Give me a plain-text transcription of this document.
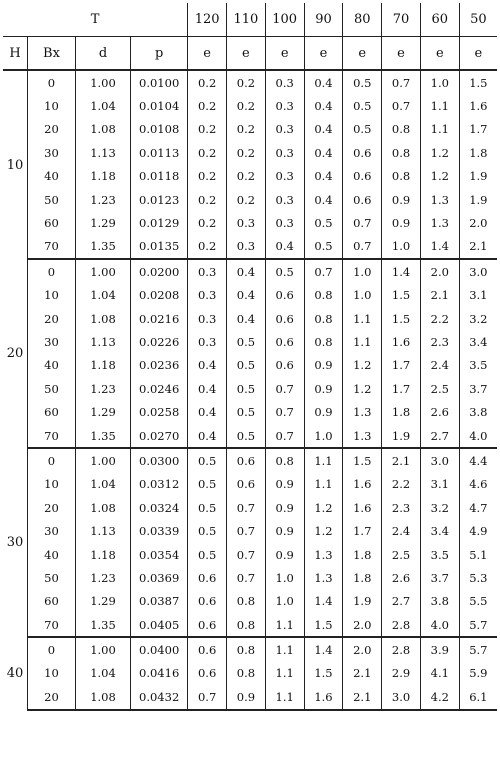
T				120	110	100	90	80	70	60	50
H	Bx	d	p	e	e	e	e	e	e	e	e
10	0	1.00	0.0100	0.2	0.2	0.3	0.4	0.5	0.7	1.0	1.5
	10	1.04	0.0104	0.2	0.2	0.3	0.4	0.5	0.7	1.1	1.6
	20	1.08	0.0108	0.2	0.2	0.3	0.4	0.5	0.8	1.1	1.7
	30	1.13	0.0113	0.2	0.2	0.3	0.4	0.6	0.8	1.2	1.8
	40	1.18	0.0118	0.2	0.2	0.3	0.4	0.6	0.8	1.2	1.9
	50	1.23	0.0123	0.2	0.2	0.3	0.4	0.6	0.9	1.3	1.9
	60	1.29	0.0129	0.2	0.3	0.3	0.5	0.7	0.9	1.3	2.0
	70	1.35	0.0135	0.2	0.3	0.4	0.5	0.7	1.0	1.4	2.1
20	0	1.00	0.0200	0.3	0.4	0.5	0.7	1.0	1.4	2.0	3.0
	10	1.04	0.0208	0.3	0.4	0.6	0.8	1.0	1.5	2.1	3.1
	20	1.08	0.0216	0.3	0.4	0.6	0.8	1.1	1.5	2.2	3.2
	30	1.13	0.0226	0.3	0.5	0.6	0.8	1.1	1.6	2.3	3.4
	40	1.18	0.0236	0.4	0.5	0.6	0.9	1.2	1.7	2.4	3.5
	50	1.23	0.0246	0.4	0.5	0.7	0.9	1.2	1.7	2.5	3.7
	60	1.29	0.0258	0.4	0.5	0.7	0.9	1.3	1.8	2.6	3.8
	70	1.35	0.0270	0.4	0.5	0.7	1.0	1.3	1.9	2.7	4.0
30	0	1.00	0.0300	0.5	0.6	0.8	1.1	1.5	2.1	3.0	4.4
	10	1.04	0.0312	0.5	0.6	0.9	1.1	1.6	2.2	3.1	4.6
	20	1.08	0.0324	0.5	0.7	0.9	1.2	1.6	2.3	3.2	4.7
	30	1.13	0.0339	0.5	0.7	0.9	1.2	1.7	2.4	3.4	4.9
	40	1.18	0.0354	0.5	0.7	0.9	1.3	1.8	2.5	3.5	5.1
	50	1.23	0.0369	0.6	0.7	1.0	1.3	1.8	2.6	3.7	5.3
	60	1.29	0.0387	0.6	0.8	1.0	1.4	1.9	2.7	3.8	5.5
	70	1.35	0.0405	0.6	0.8	1.1	1.5	2.0	2.8	4.0	5.7
40	0	1.00	0.0400	0.6	0.8	1.1	1.4	2.0	2.8	3.9	5.7
	10	1.04	0.0416	0.6	0.8	1.1	1.5	2.1	2.9	4.1	5.9
	20	1.08	0.0432	0.7	0.9	1.1	1.6	2.1	3.0	4.2	6.1
